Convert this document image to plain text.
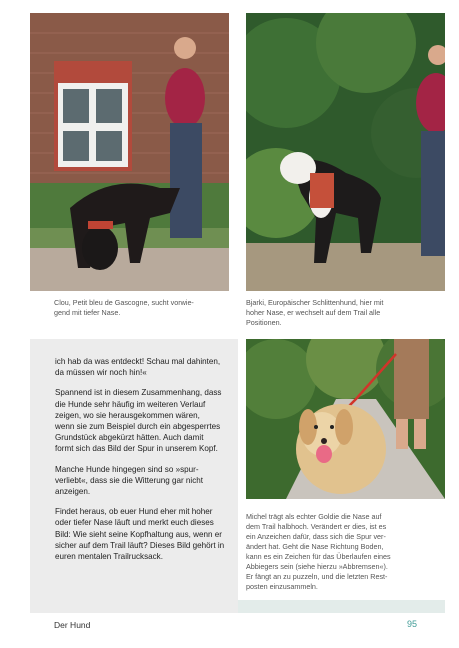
Clou, Petit bleu de Gascogne, sucht vorwie-
gend mit tiefer Nase.

Bjarki, Europäischer Schlittenhund, hier mit
hoher Nase, er wechselt auf dem Trail alle
Positionen.

ich hab da was entdeckt! Schau mal dahinten,
da müssen wir noch hin!«

Spannend ist in diesem Zusammenhang, dass
die Hunde sehr häufig im weiteren Verlauf
zeigen, wo sie herausgekommen wären,
wenn sie zum Beispiel durch ein abgesperrtes
Grundstück abgekürzt hätten. Auch damit
formt sich das Bild der Spur in unserem Kopf.

Manche Hunde hingegen sind so »spur-
verliebt«, dass sie die Witterung gar nicht
anzeigen.

Findet heraus, ob euer Hund eher mit hoher
oder tiefer Nase läuft und merkt euch dieses
Bild: Wie sieht seine Kopfhaltung aus, wenn er
sicher auf dem Trail läuft? Dieses Bild gehört in
euren mentalen Trailrucksack.

Michel trägt als echter Goldie die Nase auf
dem Trail halbhoch. Verändert er dies, ist es
ein Anzeichen dafür, dass sich die Spur ver-
ändert hat. Geht die Nase Richtung Boden,
kann es ein Zeichen für das Überlaufen eines
Abbiegers sein (siehe hierzu »Abbremsen«).
Er fängt an zu puzzeln, und die letzten Rest-
posten einzusammeln.

Der Hund	95
